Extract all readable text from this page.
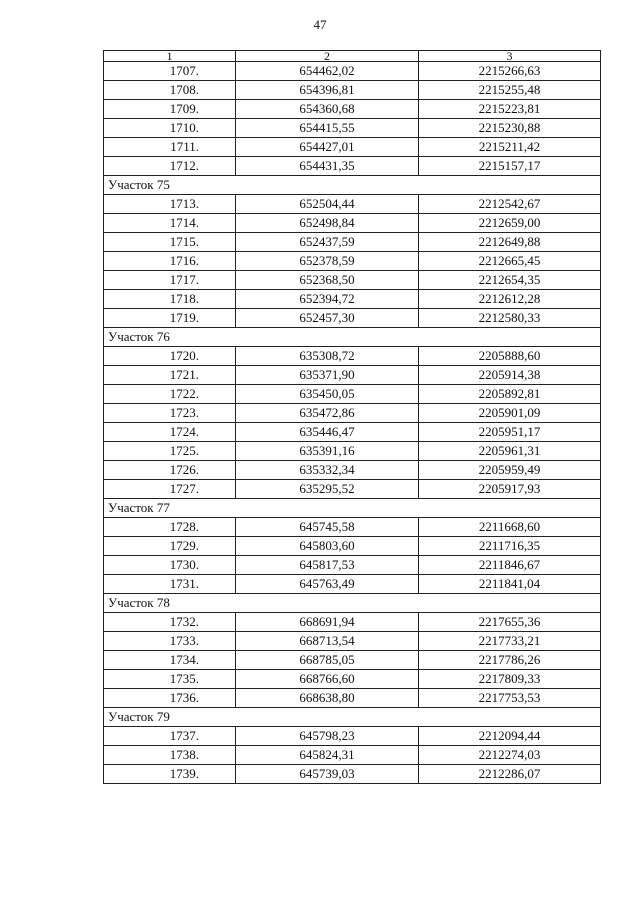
47
1	2	3
1707.	654462,02	2215266,63
1708.	654396,81	2215255,48
1709.	654360,68	2215223,81
1710.	654415,55	2215230,88
1711.	654427,01	2215211,42
1712.	654431,35	2215157,17
Участок 75		
1713.	652504,44	2212542,67
1714.	652498,84	2212659,00
1715.	652437,59	2212649,88
1716.	652378,59	2212665,45
1717.	652368,50	2212654,35
1718.	652394,72	2212612,28
1719.	652457,30	2212580,33
Участок 76		
1720.	635308,72	2205888,60
1721.	635371,90	2205914,38
1722.	635450,05	2205892,81
1723.	635472,86	2205901,09
1724.	635446,47	2205951,17
1725.	635391,16	2205961,31
1726.	635332,34	2205959,49
1727.	635295,52	2205917,93
Участок 77		
1728.	645745,58	2211668,60
1729.	645803,60	2211716,35
1730.	645817,53	2211846,67
1731.	645763,49	2211841,04
Участок 78		
1732.	668691,94	2217655,36
1733.	668713,54	2217733,21
1734.	668785,05	2217786,26
1735.	668766,60	2217809,33
1736.	668638,80	2217753,53
Участок 79		
1737.	645798,23	2212094,44
1738.	645824,31	2212274,03
1739.	645739,03	2212286,07
